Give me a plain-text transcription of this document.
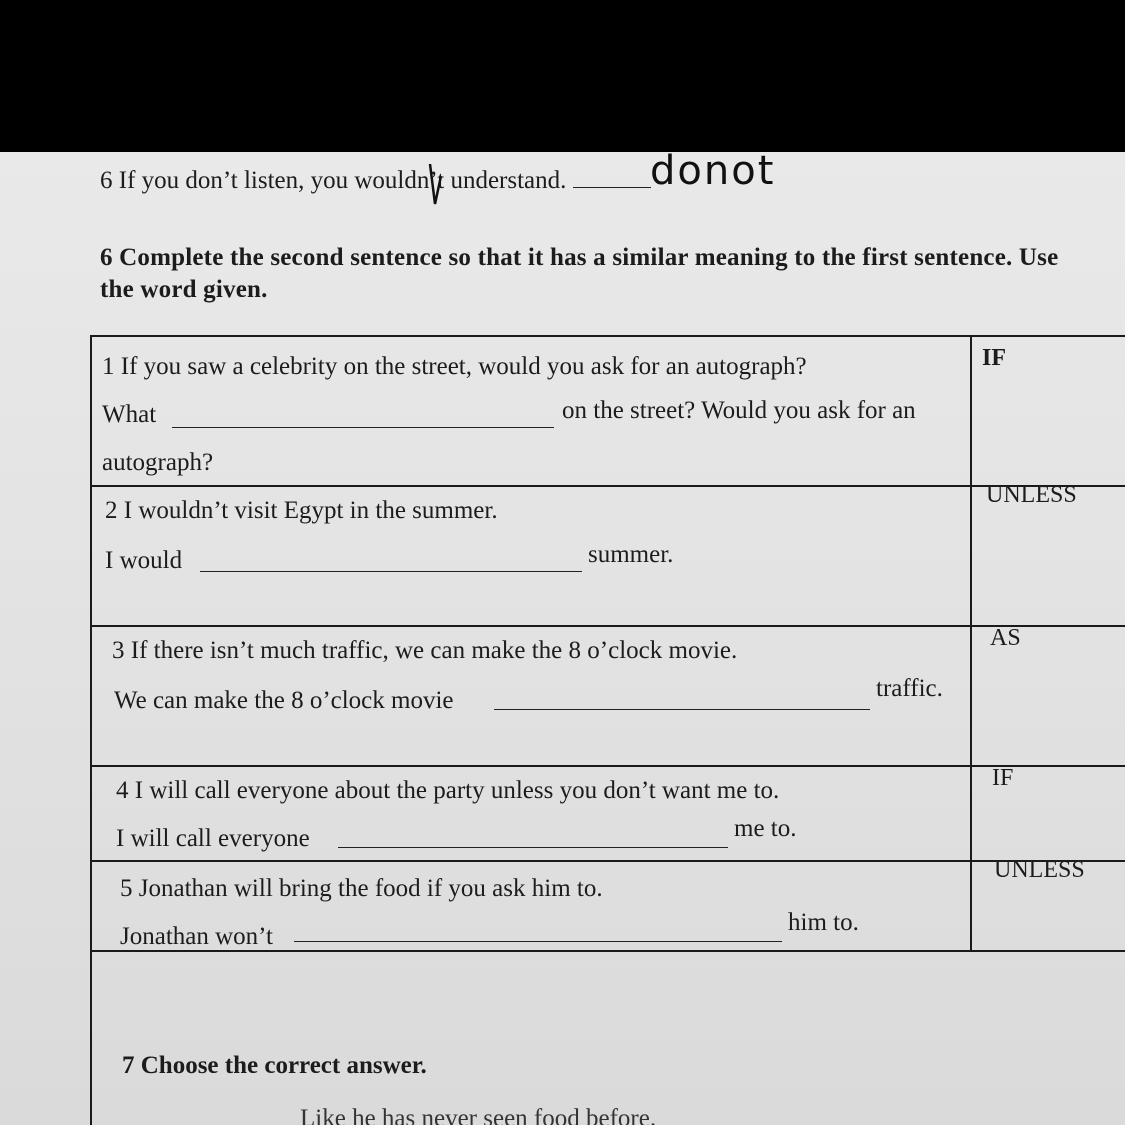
6 If you don’t listen, you wouldn’t understand.	donot
6 Complete the second sentence so that it has a similar meaning to the first sentence. Use
the word given.
1 If you saw a celebrity on the street, would you ask for an autograph?
What	on the street? Would you ask for an
autograph?
IF
2 I wouldn’t visit Egypt in the summer.
I would	summer.
UNLESS
3 If there isn’t much traffic, we can make the 8 o’clock movie.
We can make the 8 o’clock movie	traffic.
AS
4 I will call everyone about the party unless you don’t want me to.
I will call everyone	me to.
IF
5 Jonathan will bring the food if you ask him to.
Jonathan won’t
him to.
UNLESS
7 Choose the correct answer.
Like he has never seen food before.
